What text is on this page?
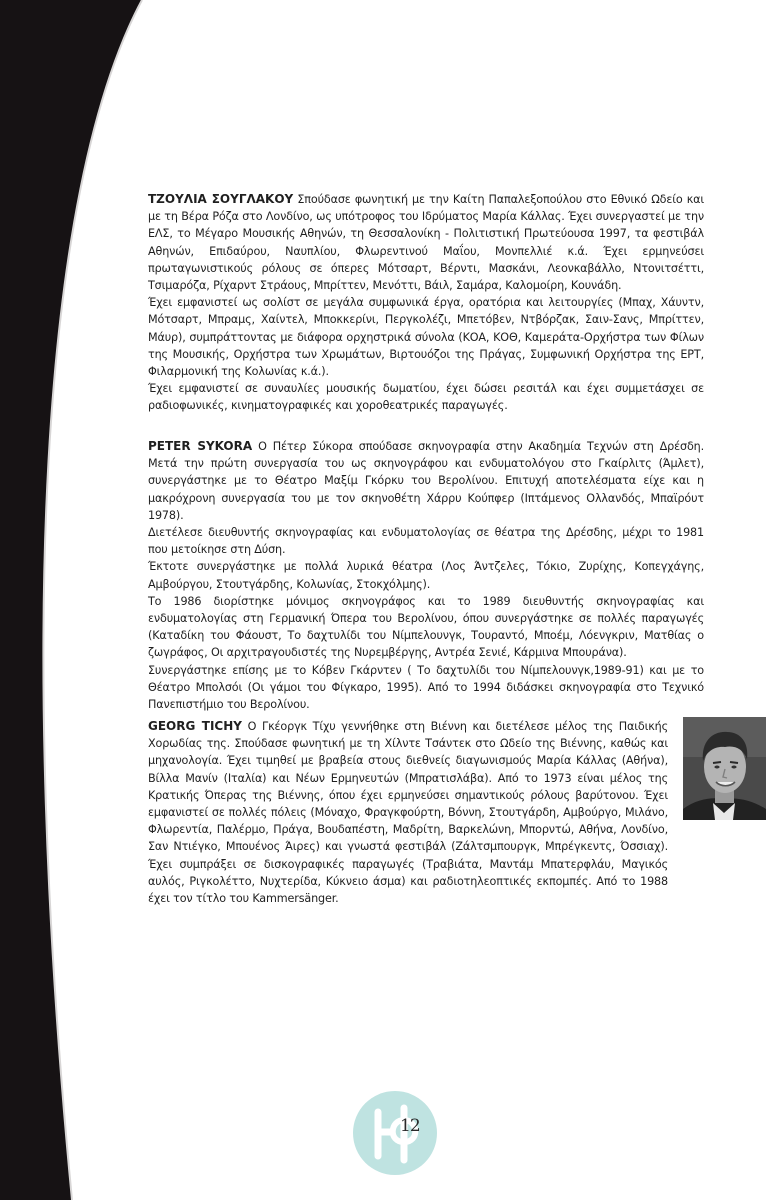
ΤΖΟΥΛΙΑ ΣΟΥΓΛΑΚΟΥ Σπούδασε φωνητική με την Καίτη Παπαλεξοπούλου στο Εθνικό Ωδείο και με τη Βέρα Ρόζα στο Λονδίνο, ως υπότροφος του Ιδρύματος Μαρία Κάλλας. Έχει συνεργαστεί με την ΕΛΣ, το Μέγαρο Μουσικής Αθηνών, τη Θεσσαλονίκη - Πολιτιστική Πρωτεύουσα 1997, τα φεστιβάλ Αθηνών, Επιδαύρου, Ναυπλίου, Φλωρεντινού Μαΐου, Μονπελλιέ κ.ά. Έχει ερμηνεύσει πρωταγωνιστικούς ρόλους σε όπερες Μότσαρτ, Βέρντι, Μασκάνι, Λεονκαβάλλο, Ντονιτσέττι, Τσιμαρόζα, Ρίχαρντ Στράους, Μπρίττεν, Μενόττι, Βάιλ, Σαμάρα, Καλομοίρη, Κουνάδη.

Έχει εμφανιστεί ως σολίστ σε μεγάλα συμφωνικά έργα, ορατόρια και λειτουργίες (Μπαχ, Χάυντν, Μότσαρτ, Μπραμς, Χαίντελ, Μποκκερίνι, Περγκολέζι, Μπετόβεν, Ντβόρζακ, Σαιν-Σανς, Μπρίττεν, Μάυρ), συμπράττοντας με διάφορα ορχηστρικά σύνολα (ΚΟΑ, ΚΟΘ, Καμεράτα-Ορχήστρα των Φίλων της Μουσικής, Ορχήστρα των Χρωμάτων, Βιρτουόζοι της Πράγας, Συμφωνική Ορχήστρα της ΕΡΤ, Φιλαρμονική της Κολωνίας κ.ά.).

Έχει εμφανιστεί σε συναυλίες μουσικής δωματίου, έχει δώσει ρεσιτάλ και έχει συμμετάσχει σε ραδιοφωνικές, κινηματογραφικές και χοροθεατρικές παραγωγές.

PETER SYKORA Ο Πέτερ Σύκορα σπούδασε σκηνογραφία στην Ακαδημία Τεχνών στη Δρέσδη. Μετά την πρώτη συνεργασία του ως σκηνογράφου και ενδυματολόγου στο Γκαίρλιτς (Άμλετ), συνεργάστηκε με το Θέατρο Μαξίμ Γκόρκυ του Βερολίνου. Επιτυχή αποτελέσματα είχε και η μακρόχρονη συνεργασία του με τον σκηνοθέτη Χάρρυ Κούπφερ (Ιπτάμενος Ολλανδός, Μπαϊρόυτ 1978).

Διετέλεσε διευθυντής σκηνογραφίας και ενδυματολογίας σε θέατρα της Δρέσδης, μέχρι το 1981 που μετοίκησε στη Δύση.

Έκτοτε συνεργάστηκε με πολλά λυρικά θέατρα (Λος Άντζελες, Τόκιο, Ζυρίχης, Κοπεγχάγης, Αμβούργου, Στουτγάρδης, Κολωνίας, Στοκχόλμης).

Το 1986 διορίστηκε μόνιμος σκηνογράφος και το 1989 διευθυντής σκηνογραφίας και ενδυματολογίας στη Γερμανική Όπερα του Βερολίνου, όπου συνεργάστηκε σε πολλές παραγωγές (Καταδίκη του Φάουστ, Το δαχτυλίδι του Νίμπελουνγκ, Τουραντό, Μποέμ, Λόενγκριν, Ματθίας ο ζωγράφος, Οι αρχιτραγουδιστές της Νυρεμβέργης, Αντρέα Σενιέ, Κάρμινα Μπουράνα).

Συνεργάστηκε επίσης με το Κόβεν Γκάρντεν ( Το δαχτυλίδι του Νίμπελουνγκ,1989-91) και με το Θέατρο Μπολσόι (Οι γάμοι του Φίγκαρο, 1995). Από το 1994 διδάσκει σκηνογραφία στο Τεχνικό Πανεπιστήμιο του Βερολίνου.

GEORG TICHY Ο Γκέοργκ Τίχυ γεννήθηκε στη Βιέννη και διετέλεσε μέλος της Παιδικής Χορωδίας της. Σπούδασε φωνητική με τη Χίλντε Τσάντεκ στο Ωδείο της Βιέννης, καθώς και μηχανολογία. Έχει τιμηθεί με βραβεία στους διεθνείς διαγωνισμούς Μαρία Κάλλας (Αθήνα), Βίλλα Μανίν (Ιταλία) και Νέων Ερμηνευτών (Μπρατισλάβα). Από το 1973 είναι μέλος της Κρατικής Όπερας της Βιέννης, όπου έχει ερμηνεύσει σημαντικούς ρόλους βαρύτονου. Έχει εμφανιστεί σε πολλές πόλεις (Μόναχο, Φραγκφούρτη, Βόννη, Στουτγάρδη, Αμβούργο, Μιλάνο, Φλωρεντία, Παλέρμο, Πράγα, Βουδαπέστη, Μαδρίτη, Βαρκελώνη, Μπορντώ, Αθήνα, Λονδίνο, Σαν Ντιέγκο, Μπουένος Άιρες) και γνωστά φεστιβάλ (Ζάλτσμπουργκ, Μπρέγκεντς, Όσσιαχ). Έχει συμπράξει σε δισκογραφικές παραγωγές (Τραβιάτα, Μαντάμ Μπατερφλάυ, Μαγικός αυλός, Ριγκολέττο, Νυχτερίδα, Κύκνειο άσμα) και ραδιοτηλεοπτικές εκπομπές. Από το 1988 έχει τον τίτλο του Kammersänger.

12
